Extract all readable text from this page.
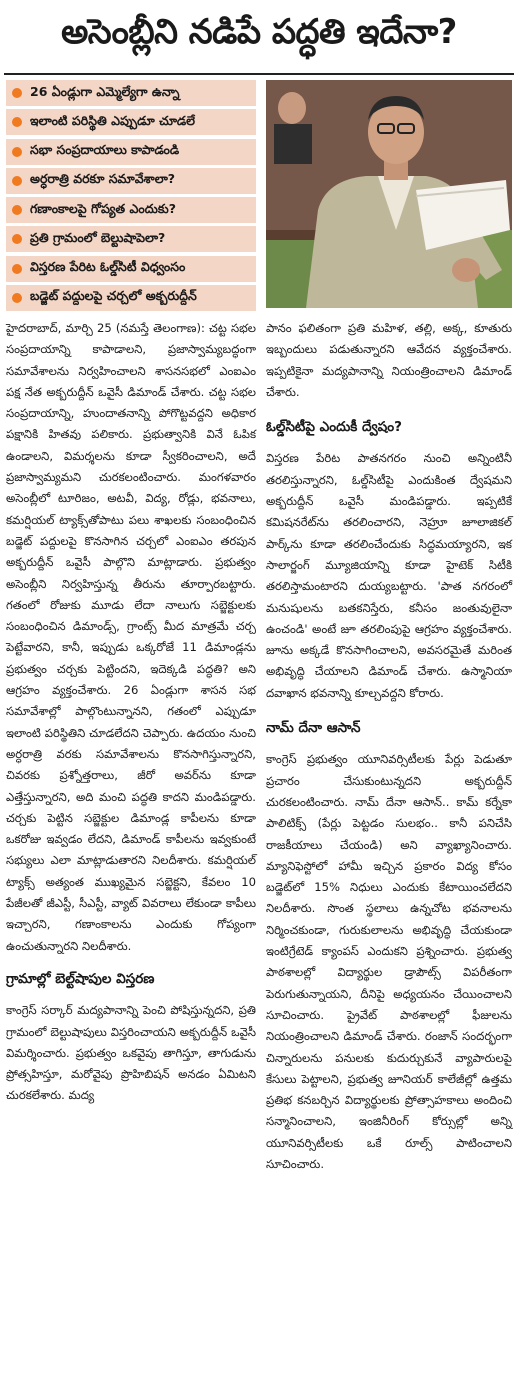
అసెంబ్లీని నడిపే పద్ధతి ఇదేనా?
26 ఏండ్లుగా ఎమ్మెల్యేగా ఉన్నా
ఇలాంటి పరిస్థితి ఎప్పుడూ చూడలే
సభా సంప్రదాయాలు కాపాడండి
అర్ధరాత్రి వరకూ సమావేశాలా?
గణాంకాలపై గోప్యత ఎందుకు?
ప్రతి గ్రామంలో బెల్టుషాపెలా?
విస్తరణ పేరిట ఓల్డ్‌సిటీ విధ్వంసం
బడ్జెట్ పద్దులపై చర్చలో అక్బరుద్దీన్

హైదరాబాద్, మార్చి 25 (నమస్తే తెలంగాణ): చట్ట సభల సంప్రదాయాన్ని కాపాడాలని, ప్రజాస్వామ్యబద్ధంగా సమావేశాలను నిర్వహించాలని శాసనసభలో ఎంఐఎం పక్ష నేత అక్బరుద్దీన్ ఒవైసీ డిమాండ్ చేశారు. చట్ట సభల సంప్రదాయాన్ని, హుందాతనాన్ని పోగొట్టవద్దని అధికార పక్షానికి హితవు పలికారు. ప్రభుత్వానికి వినే ఓపిక ఉండాలని, విమర్శలను కూడా స్వీకరించాలని, అదే ప్రజాస్వామ్యమని చురకలంటించారు. మంగళవారం అసెంబ్లీలో టూరిజం, అటవీ, విద్య, రోడ్లు, భవనాలు, కమర్షియల్ ట్యాక్స్‌తోపాటు పలు శాఖలకు సంబంధించిన బడ్జెట్ పద్దులపై కొనసాగిన చర్చలో ఎంఐఎం తరపున అక్బరుద్దీన్ ఒవైసీ పాల్గొని మాట్లాడారు. ప్రభుత్వం అసెంబ్లీని నిర్వహిస్తున్న తీరును తూర్పారబట్టారు. గతంలో రోజుకు మూడు లేదా నాలుగు సబ్జెక్టులకు సంబంధించిన డిమాండ్స్, గ్రాంట్స్ మీద మాత్రమే చర్చ పెట్టేవారని, కానీ, ఇప్పుడు ఒక్కరోజే 11 డిమాండ్లను ప్రభుత్వం చర్చకు పెట్టిందని, ఇదెక్కడి పద్ధతి? అని ఆగ్రహం వ్యక్తంచేశారు. 26 ఏండ్లుగా శాసన సభ సమావేశాల్లో పాల్గొంటున్నానని, గతంలో ఎప్పుడూ ఇలాంటి పరిస్థితిని చూడలేదని చెప్పారు. ఉదయం నుంచి అర్ధరాత్రి వరకు సమావేశాలను కొనసాగిస్తున్నారని, చివరకు ప్రశ్నోత్తరాలు, జీరో అవర్‌ను కూడా ఎత్తేస్తున్నారని, అది మంచి పద్ధతి కాదని మండిపడ్డారు. చర్చకు పెట్టిన సబ్జెక్టుల డిమాండ్ల కాపీలను కూడా ఒకరోజు ఇవ్వడం లేదని, డిమాండ్ కాపీలను ఇవ్వకుంటే సభ్యులు ఎలా మాట్లాడుతారని నిలదీశారు. కమర్షియల్ ట్యాక్స్ అత్యంత ముఖ్యమైన సబ్జెక్టని, కేవలం 10 పేజీలతో జీఎస్టీ, సీఎస్టీ, వ్యాట్ వివరాలు లేకుండా కాపీలు ఇచ్చారని, గణాంకాలను ఎందుకు గోప్యంగా ఉంచుతున్నారని నిలదీశారు.

గ్రామాల్లో బెల్ట్‌షాపుల విస్తరణ

కాంగ్రెస్ సర్కార్ మద్యపానాన్ని పెంచి పోషిస్తున్నదని, ప్రతి గ్రామంలో బెల్టుషాపులు విస్తరించాయని అక్బరుద్దీన్ ఒవైసీ విమర్శించారు. ప్రభుత్వం ఒకవైపు తాగిస్తూ, తాగుడును ప్రోత్సహిస్తూ, మరోవైపు ప్రొహిబిషన్ అనడం ఏమిటని చురకలేశారు. మద్య

పానం ఫలితంగా ప్రతి మహిళ, తల్లి, అక్క, కూతురు ఇబ్బందులు పడుతున్నారని ఆవేదన వ్యక్తంచేశారు. ఇప్పటికైనా మద్యపానాన్ని నియంత్రించాలని డిమాండ్ చేశారు.

ఓల్డ్‌సిటీపై ఎందుకీ ద్వేషం?

విస్తరణ పేరిట పాతనగరం నుంచి అన్నింటినీ తరలిస్తున్నారని, ఓల్డ్‌సిటీపై ఎందుకింత ద్వేషమని అక్బరుద్దీన్ ఒవైసీ మండిపడ్డారు. ఇప్పటికే కమిషనరేట్‌ను తరలించారని, నెహ్రూ జూలాజికల్ పార్క్‌ను కూడా తరలించేందుకు సిద్ధమయ్యారని, ఇక సాలార్జంగ్ మ్యూజియాన్ని కూడా హైటెక్ సిటీకి తరలిస్తామంటారని దుయ్యబట్టారు. 'పాత నగరంలో మనుషులను బతకనిస్తేరు, కనీసం జంతువులైనా ఉంచండి' అంటే జూ తరలింపుపై ఆగ్రహం వ్యక్తంచేశారు. జూను అక్కడే కొనసాగించాలని, అవసరమైతే మరింత అభివృద్ధి చేయాలని డిమాండ్ చేశారు. ఉస్మానియా దవాఖాన భవనాన్ని కూల్చవద్దని కోరారు.

నామ్ దేనా ఆసాన్

కాంగ్రెస్ ప్రభుత్వం యూనివర్సిటీలకు పేర్లు పెడుతూ ప్రచారం చేసుకుంటున్నదని అక్బరుద్దీన్ చురకలంటించారు. నామ్ దేనా ఆసాన్.. కామ్ కర్నేకా పాలిటిక్స్ (పేర్లు పెట్టడం సులభం.. కానీ పనిచేసి రాజకీయాలు చేయండి) అని వ్యాఖ్యానించారు. మ్యానిఫెస్టోలో హామీ ఇచ్చిన ప్రకారం విద్య కోసం బడ్జెట్‌లో 15% నిధులు ఎందుకు కేటాయించలేదని నిలదీశారు. సొంత స్థలాలు ఉన్నచోట భవనాలను నిర్మించకుండా, గురుకులాలను అభివృద్ధి చేయకుండా ఇంటిగ్రేటెడ్ క్యాంపస్ ఎందుకని ప్రశ్నించారు. ప్రభుత్వ పాఠశాలల్లో విద్యార్థుల డ్రాపౌట్స్ విపరీతంగా పెరుగుతున్నాయని, దీనిపై అధ్యయనం చేయించాలని సూచించారు. ప్రైవేట్ పాఠశాలల్లో ఫీజులను నియంత్రించాలని డిమాండ్ చేశారు. రంజాన్ సందర్భంగా చిన్నారులను పనులకు కుదుర్చుకునే వ్యాపారులపై కేసులు పెట్టాలని, ప్రభుత్వ జూనియర్ కాలేజీల్లో ఉత్తమ ప్రతిభ కనబర్చిన విద్యార్థులకు ప్రోత్సాహకాలు అందించి సన్మానించాలని, ఇంజినీరింగ్ కోర్సుల్లో అన్ని యూనివర్సిటీలకు ఒకే రూల్స్ పాటించాలని సూచించారు.
